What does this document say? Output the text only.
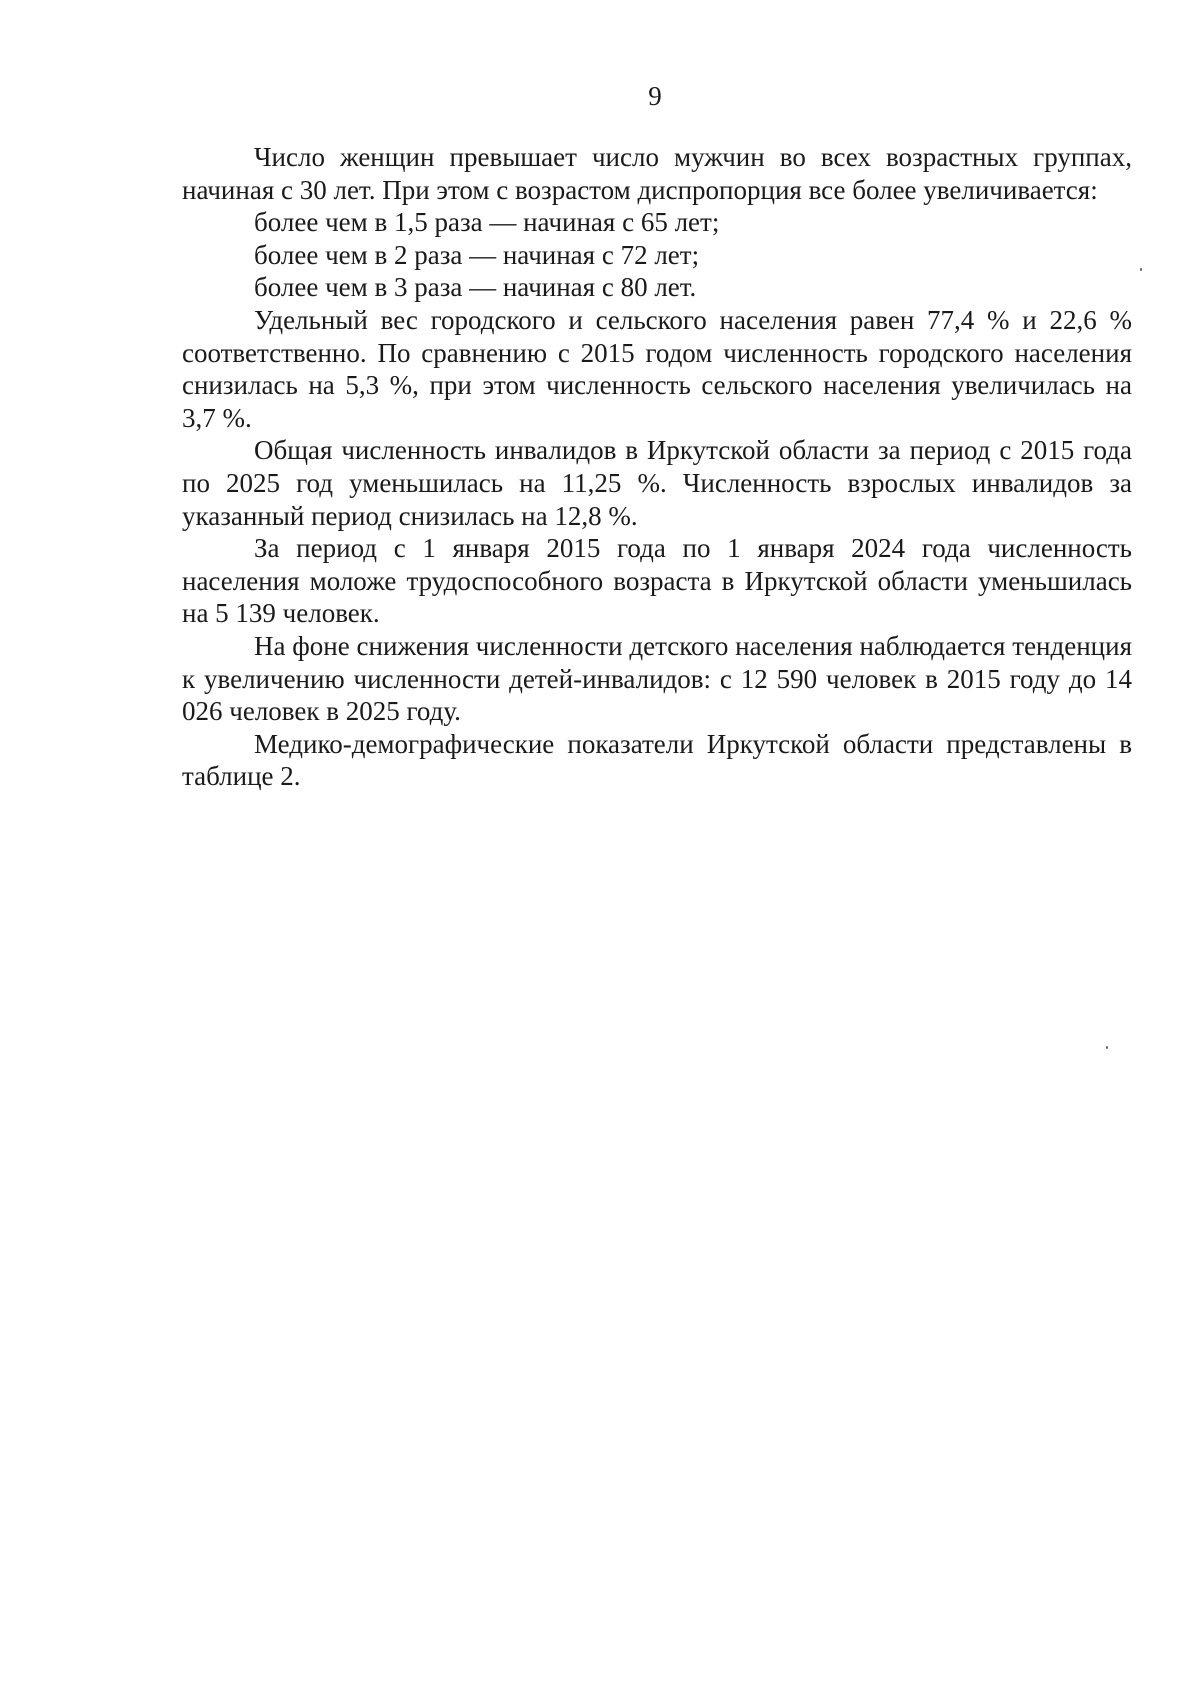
9

Число женщин превышает число мужчин во всех возрастных группах, начиная с 30 лет. При этом с возрастом диспропорция все более увеличивается:

более чем в 1,5 раза — начиная с 65 лет;

более чем в 2 раза — начиная с 72 лет;

более чем в 3 раза — начиная с 80 лет.

Удельный вес городского и сельского населения равен 77,4 % и 22,6 % соответственно. По сравнению с 2015 годом численность городского населения снизилась на 5,3 %, при этом численность сельского населения увеличилась на 3,7 %.

Общая численность инвалидов в Иркутской области за период с 2015 года по 2025 год уменьшилась на 11,25 %. Численность взрослых инвалидов за указанный период снизилась на 12,8 %.

За период с 1 января 2015 года по 1 января 2024 года численность населения моложе трудоспособного возраста в Иркутской области уменьшилась на 5 139 человек.

На фоне снижения численности детского населения наблюдается тенденция к увеличению численности детей-инвалидов: с 12 590 человек в 2015 году до 14 026 человек в 2025 году.

Медико-демографические показатели Иркутской области представлены в таблице 2.
